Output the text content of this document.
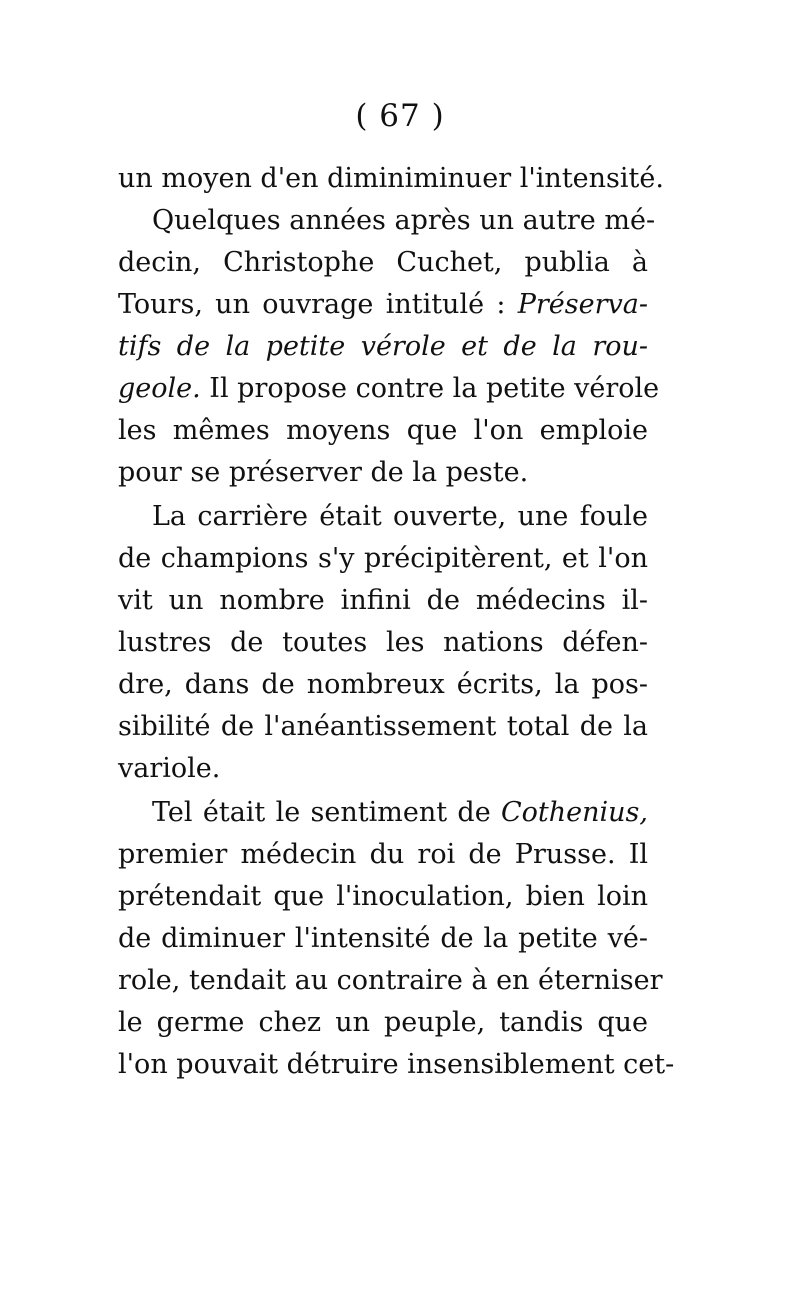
( 67 )
un moyen d'en diminiminuer l'intensité.
Quelques années après un autre mé-
decin, Christophe Cuchet, publia à
Tours, un ouvrage intitulé : Préserva-
tifs de la petite vérole et de la rou-
geole. Il propose contre la petite vérole
les mêmes moyens que l'on emploie
pour se préserver de la peste.
La carrière était ouverte, une foule
de champions s'y précipitèrent, et l'on
vit un nombre infini de médecins il-
lustres de toutes les nations défen-
dre, dans de nombreux écrits, la pos-
sibilité de l'anéantissement total de la
variole.
Tel était le sentiment de Cothenius,
premier médecin du roi de Prusse. Il
prétendait que l'inoculation, bien loin
de diminuer l'intensité de la petite vé-
role, tendait au contraire à en éterniser
le germe chez un peuple, tandis que
l'on pouvait détruire insensiblement cet-
